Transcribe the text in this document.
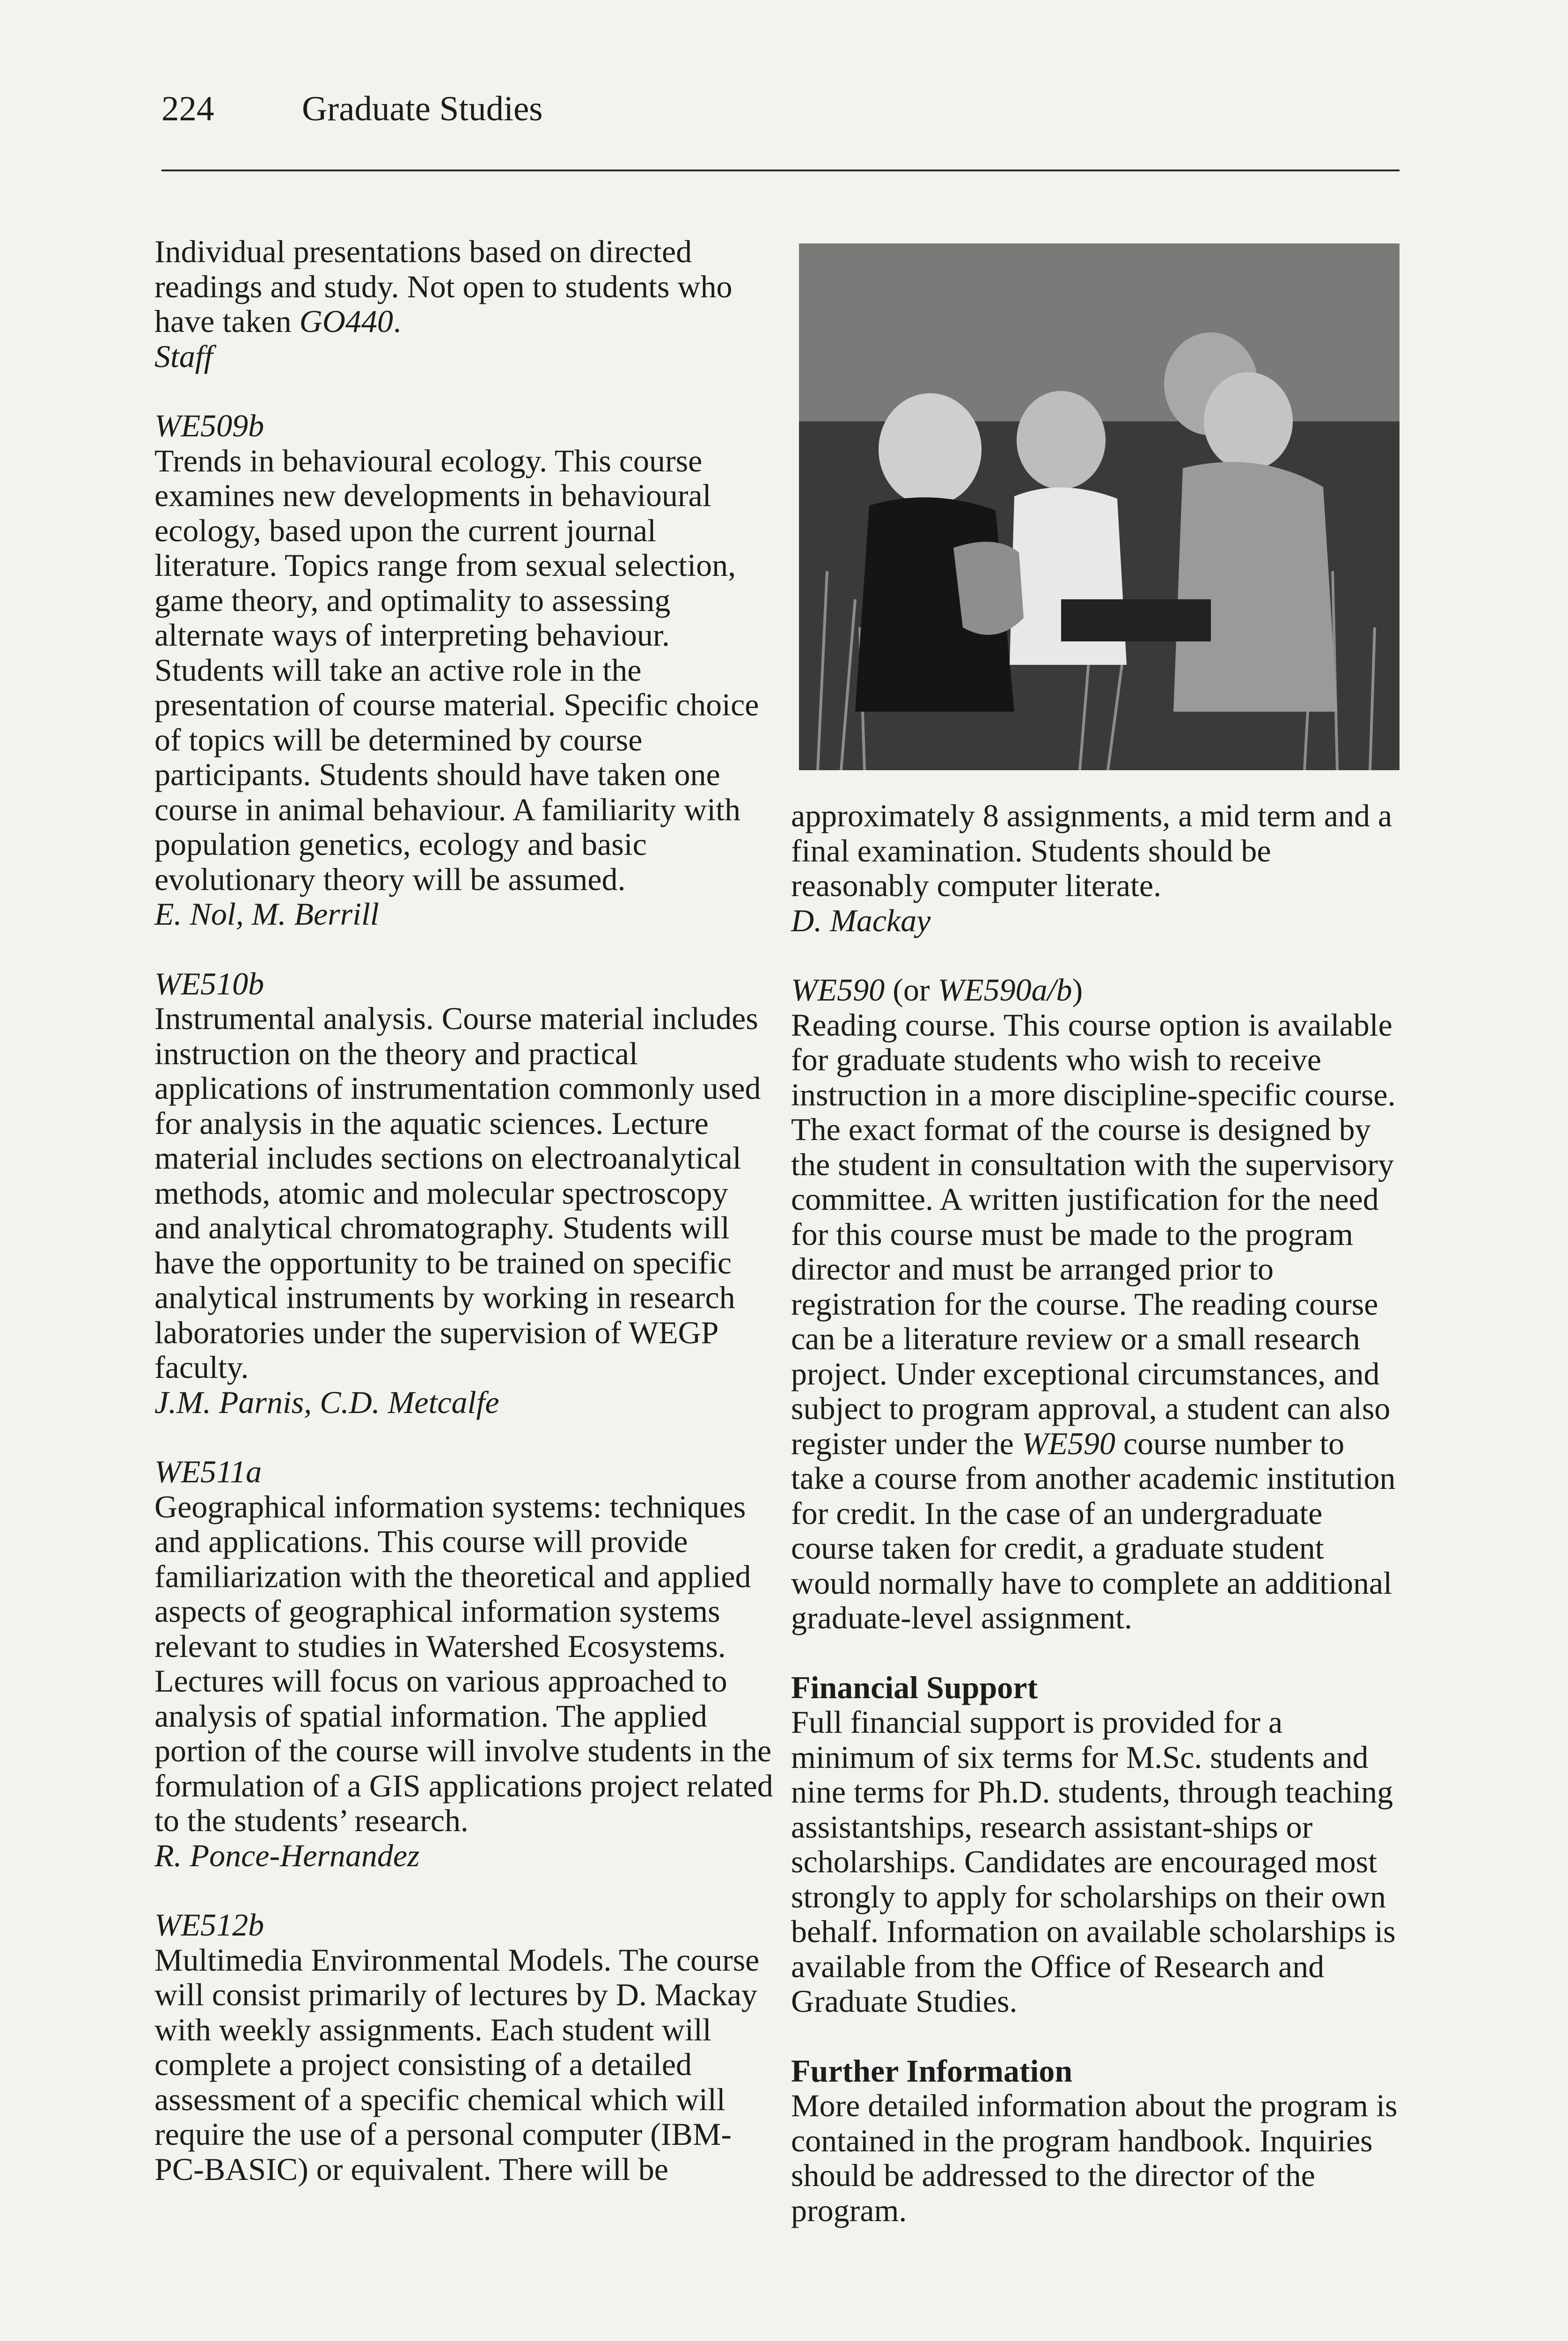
224	Graduate Studies

Individual presentations based on directed readings and study. Not open to students who have taken GO440.

Staff

WE509b

Trends in behavioural ecology. This course examines new developments in behavioural ecology, based upon the current journal literature. Topics range from sexual selection, game theory, and optimality to assessing alternate ways of interpreting behaviour. Students will take an active role in the presentation of course material. Specific choice of topics will be determined by course participants. Students should have taken one course in animal behaviour. A familiarity with population genetics, ecology and basic evolutionary theory will be assumed.

E. Nol, M. Berrill

WE510b

Instrumental analysis. Course material includes instruction on the theory and practical applications of instrumentation commonly used for analysis in the aquatic sciences. Lecture material includes sections on electroanalytical methods, atomic and molecular spectroscopy and analytical chromatography. Students will have the opportunity to be trained on specific analytical instruments by working in research laboratories under the supervision of WEGP faculty.

J.M. Parnis, C.D. Metcalfe

WE511a

Geographical information systems: techniques and applications. This course will provide familiarization with the theoretical and applied aspects of geographical information systems relevant to studies in Watershed Ecosystems. Lectures will focus on various approached to analysis of spatial information. The applied portion of the course will involve students in the formulation of a GIS applications project related to the students’ research.

R. Ponce-Hernandez

WE512b

Multimedia Environmental Models. The course will consist primarily of lectures by D. Mackay with weekly assignments. Each student will complete a project consisting of a detailed assessment of a specific chemical which will require the use of a personal computer (IBM-PC-BASIC) or equivalent. There will be

approximately 8 assignments, a mid term and a final examination. Students should be reasonably computer literate.

D. Mackay

WE590 (or WE590a/b)

Reading course. This course option is available for graduate students who wish to receive instruction in a more discipline-specific course. The exact format of the course is designed by the student in consultation with the supervisory committee. A written justification for the need for this course must be made to the program director and must be arranged prior to registration for the course. The reading course can be a literature review or a small research project. Under exceptional circumstances, and subject to program approval, a student can also register under the WE590 course number to take a course from another academic institution for credit. In the case of an undergraduate course taken for credit, a graduate student would normally have to complete an additional graduate-level assignment.

Financial Support

Full financial support is provided for a minimum of six terms for M.Sc. students and nine terms for Ph.D. students, through teaching assistantships, research assistant-ships or scholarships. Candidates are encouraged most strongly to apply for scholarships on their own behalf. Information on available scholarships is available from the Office of Research and Graduate Studies.

Further Information

More detailed information about the program is contained in the program handbook. Inquiries should be addressed to the director of the program.
